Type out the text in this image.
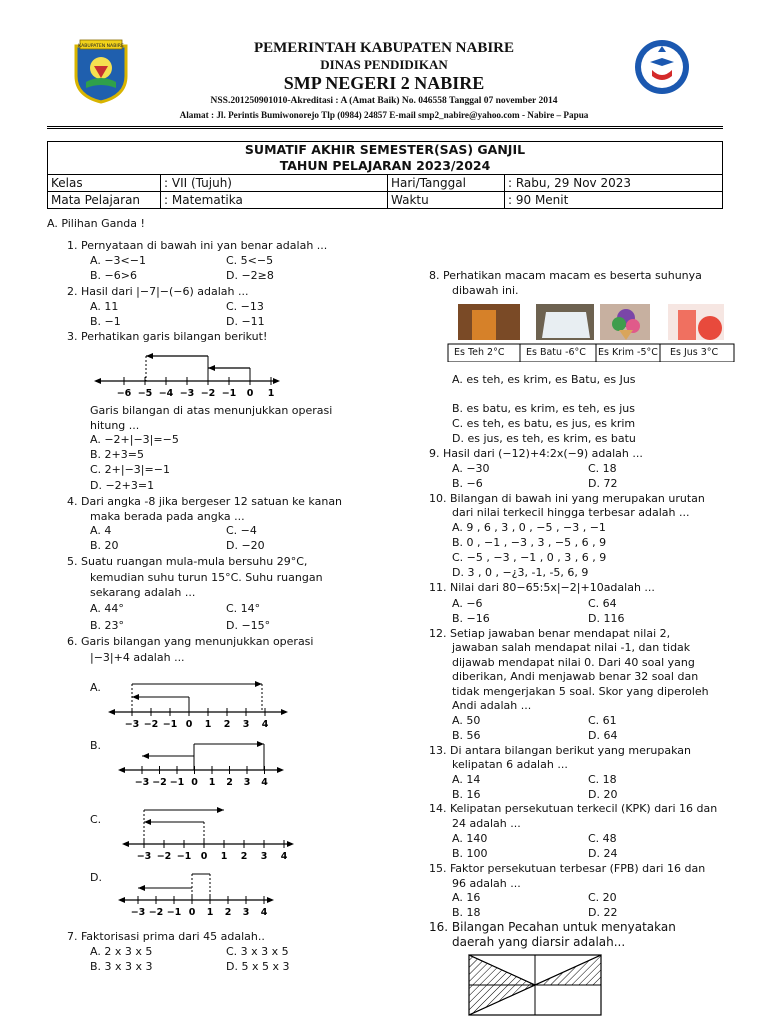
KABUPATEN NABIRE	PEMERINTAH KABUPATEN NABIRE
DINAS PENDIDIKAN
SMP NEGERI 2 NABIRE
NSS.201250901010-Akreditasi : A (Amat Baik) No. 046558 Tanggal 07 november 2014
Alamat : Jl. Perintis Bumiwonorejo Tlp (0984) 24857 E-mail smp2_nabire@yahoo.com - Nabire – Papua
SUMATIF AKHIR SEMESTER(SAS) GANJIL
TAHUN PELAJARAN 2023/2024			

Kelas	: VII (Tujuh)	Hari/Tanggal	: Rabu, 29 Nov 2023
Mata Pelajaran	: Matematika	Waktu	: 90 Menit
A. Pilihan Ganda !
1. Pernyataan di bawah ini yan benar adalah ...
A. −3<−1	C. 5<−5
B. −6>6	D. −2≥8
2. Hasil dari |−7|−(−6) adalah ...
A. 11	C. −13
B. −1	D. −11
3. Perhatikan garis bilangan berikut!
−6 −5 −4 −3 −2 −1 0 1
Garis bilangan di atas menunjukkan operasi
hitung ...
A. −2+|−3|=−5
B. 2+3=5
C. 2+|−3|=−1
D. −2+3=1
4. Dari angka -8 jika bergeser 12 satuan ke kanan
maka berada pada angka ...
A. 4	C. −4
B. 20	D. −20
5. Suatu ruangan mula-mula bersuhu 29°C,
kemudian suhu turun 15°C. Suhu ruangan
sekarang adalah ...
A. 44°	C. 14°
B. 23°	D. −15°
6. Garis bilangan yang menunjukkan operasi
|−3|+4 adalah ...
A.
−3 −2 −1 0 1 2 3 4
B.
−3 −2 −1 0 1 2 3 4
C.
−3 −2 −1 0 1 2 3 4
D.
−3 −2 −1 0 1 2 3 4
7. Faktorisasi prima dari 45 adalah..
A. 2 x 3 x 5	C. 3 x 3 x 5
B. 3 x 3 x 3	D. 5 x 5 x 3
8. Perhatikan macam macam es beserta suhunya
dibawah ini.
Es Teh 2°C Es Batu -6°C Es Krim -5°C Es Jus 3°C
A. es teh, es krim, es Batu, es Jus
B. es batu, es krim, es teh, es jus
C. es teh, es batu, es jus, es krim
D. es jus, es teh, es krim, es batu
9. Hasil dari (−12)+4:2x(−9) adalah ...
A. −30	C. 18
B. −6	D. 72
10. Bilangan di bawah ini yang merupakan urutan
dari nilai terkecil hingga terbesar adalah ...
A. 9 , 6 , 3 , 0 , −5 , −3 , −1
B. 0 , −1 , −3 , 3 , −5 , 6 , 9
C. −5 , −3 , −1 , 0 , 3 , 6 , 9
D. 3 , 0 , −¿3, -1, -5, 6, 9
11. Nilai dari 80−65:5x|−2|+10adalah ...
A. −6	C. 64
B. −16	D. 116
12. Setiap jawaban benar mendapat nilai 2,
jawaban salah mendapat nilai -1, dan tidak
dijawab mendapat nilai 0. Dari 40 soal yang
diberikan, Andi menjawab benar 32 soal dan
tidak mengerjakan 5 soal. Skor yang diperoleh
Andi adalah ...
A. 50	C. 61
B. 56	D. 64
13. Di antara bilangan berikut yang merupakan
kelipatan 6 adalah ...
A. 14	C. 18
B. 16	D. 20
14. Kelipatan persekutuan terkecil (KPK) dari 16 dan
24 adalah ...
A. 140	C. 48
B. 100	D. 24
15. Faktor persekutuan terbesar (FPB) dari 16 dan
96 adalah ...
A. 16	C. 20
B. 18	D. 22
16. Bilangan Pecahan untuk menyatakan
daerah yang diarsir adalah...
